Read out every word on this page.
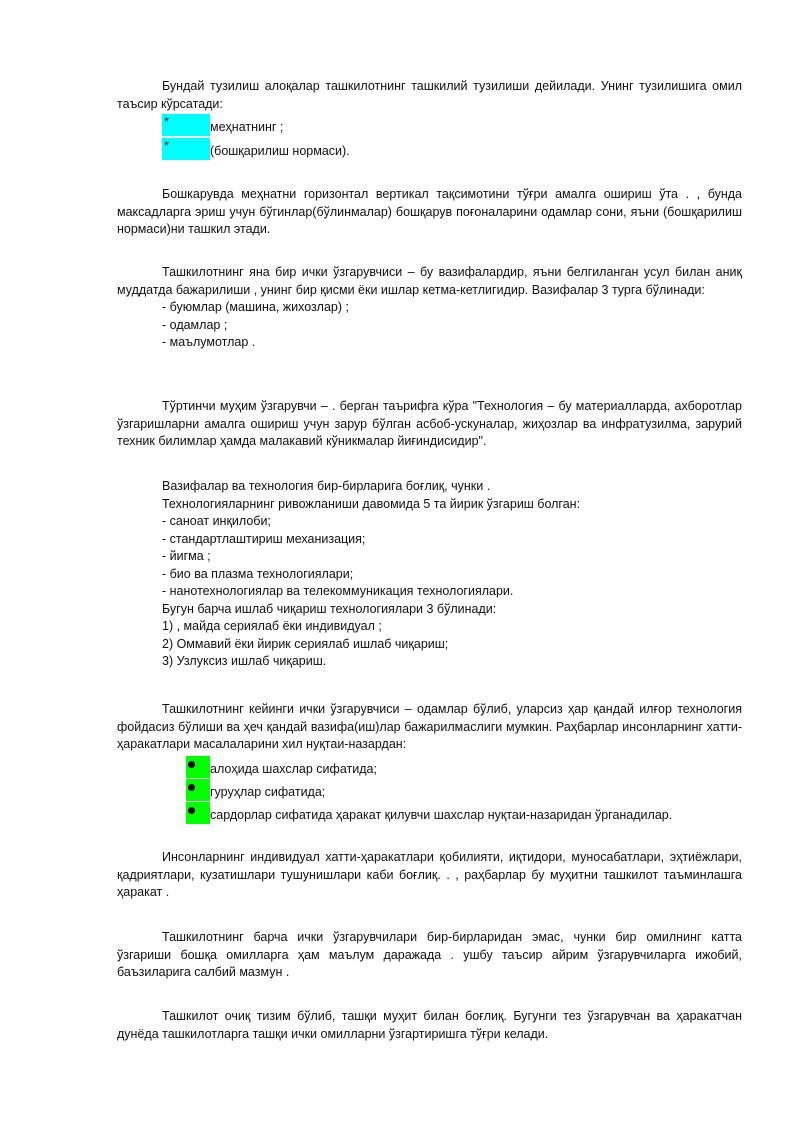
Бундай тузилиш алоқалар ташкилотнинг ташкилий тузилиши дейилади. Унинг тузилишига омил таъсир кўрсатади:

*	меҳнатнинг ;
*	(бошқарилиш нормаси).

Бошкарувда меҳнатни горизонтал вертикал тақсимотини тўғри амалга ошириш ўта . , бунда максадларга эриш учун бўгинлар(бўлинмалар) бошқарув поғоналарини одамлар сони, яъни (бошқарилиш нормаси)ни ташкил этади.

Ташкилотнинг яна бир ички ўзгарувчиси – бу вазифалардир, яъни белгиланган усул билан аниқ муддатда бажарилиши , унинг бир қисми ёки ишлар кетма-кетлигидир. Вазифалар 3 турга бўлинади:

- буюмлар (машина, жихозлар) ;

- одамлар ;

- маълумотлар .

Тўртинчи муҳим ўзгарувчи – . берган таърифга кўра "Технология – бу материалларда, ахборотлар ўзгаришларни амалга ошириш учун зарур бўлган асбоб-ускуналар, жиҳозлар ва инфратузилма, зарурий техник билимлар ҳамда малакавий кўникмалар йиғиндисидир".

Вазифалар ва технология бир-бирларига боғлиқ, чунки .

Технологияларнинг ривожланиши давомида 5 та йирик ўзгариш болган:

- саноат инқилоби;

- стандартлаштириш механизация;

- йигма ;

- био ва плазма технологиялари;

- нанотехнологиялар ва телекоммуникация технологиялари.

Бугун барча ишлаб чиқариш технологиялари 3 бўлинади:

1) , майда сериялаб ёки индивидуал ;

2) Оммавий ёки йирик сериялаб ишлаб чиқариш;

3) Узлуксиз ишлаб чиқариш.

Ташкилотнинг кейинги ички ўзгарувчиси – одамлар бўлиб, уларсиз ҳар қандай илғор технология фойдасиз бўлиши ва ҳеч қандай вазифа(иш)лар бажарилмаслиги мумкин. Раҳбарлар инсонларнинг хатти-ҳаракатлари масалаларини хил нуқтаи-назардан:

алоҳида шахслар сифатида;
гуруҳлар сифатида;
сардорлар сифатида ҳаракат қилувчи шахслар нуқтаи-назаридан ўрганадилар.

Инсонларнинг индивидуал хатти-ҳаракатлари қобилияти, иқтидори, муносабатлари, эҳтиёжлари, қадриятлари, кузатишлари тушунишлари каби боғлиқ. . , раҳбарлар бу муҳитни ташкилот таъминлашга ҳаракат .

Ташкилотнинг барча ички ўзгарувчилари бир-бирларидан эмас, чунки бир омилнинг катта ўзгариши бошқа омилларга ҳам маълум даражада . ушбу таъсир айрим ўзгарувчиларга ижобий, баъзиларига салбий мазмун .

Ташкилот очиқ тизим бўлиб, ташқи муҳит билан боғлиқ. Бугунги тез ўзгарувчан ва ҳаракатчан дунёда ташкилотларга ташқи ички омилларни ўзгартиришга тўғри келади.
